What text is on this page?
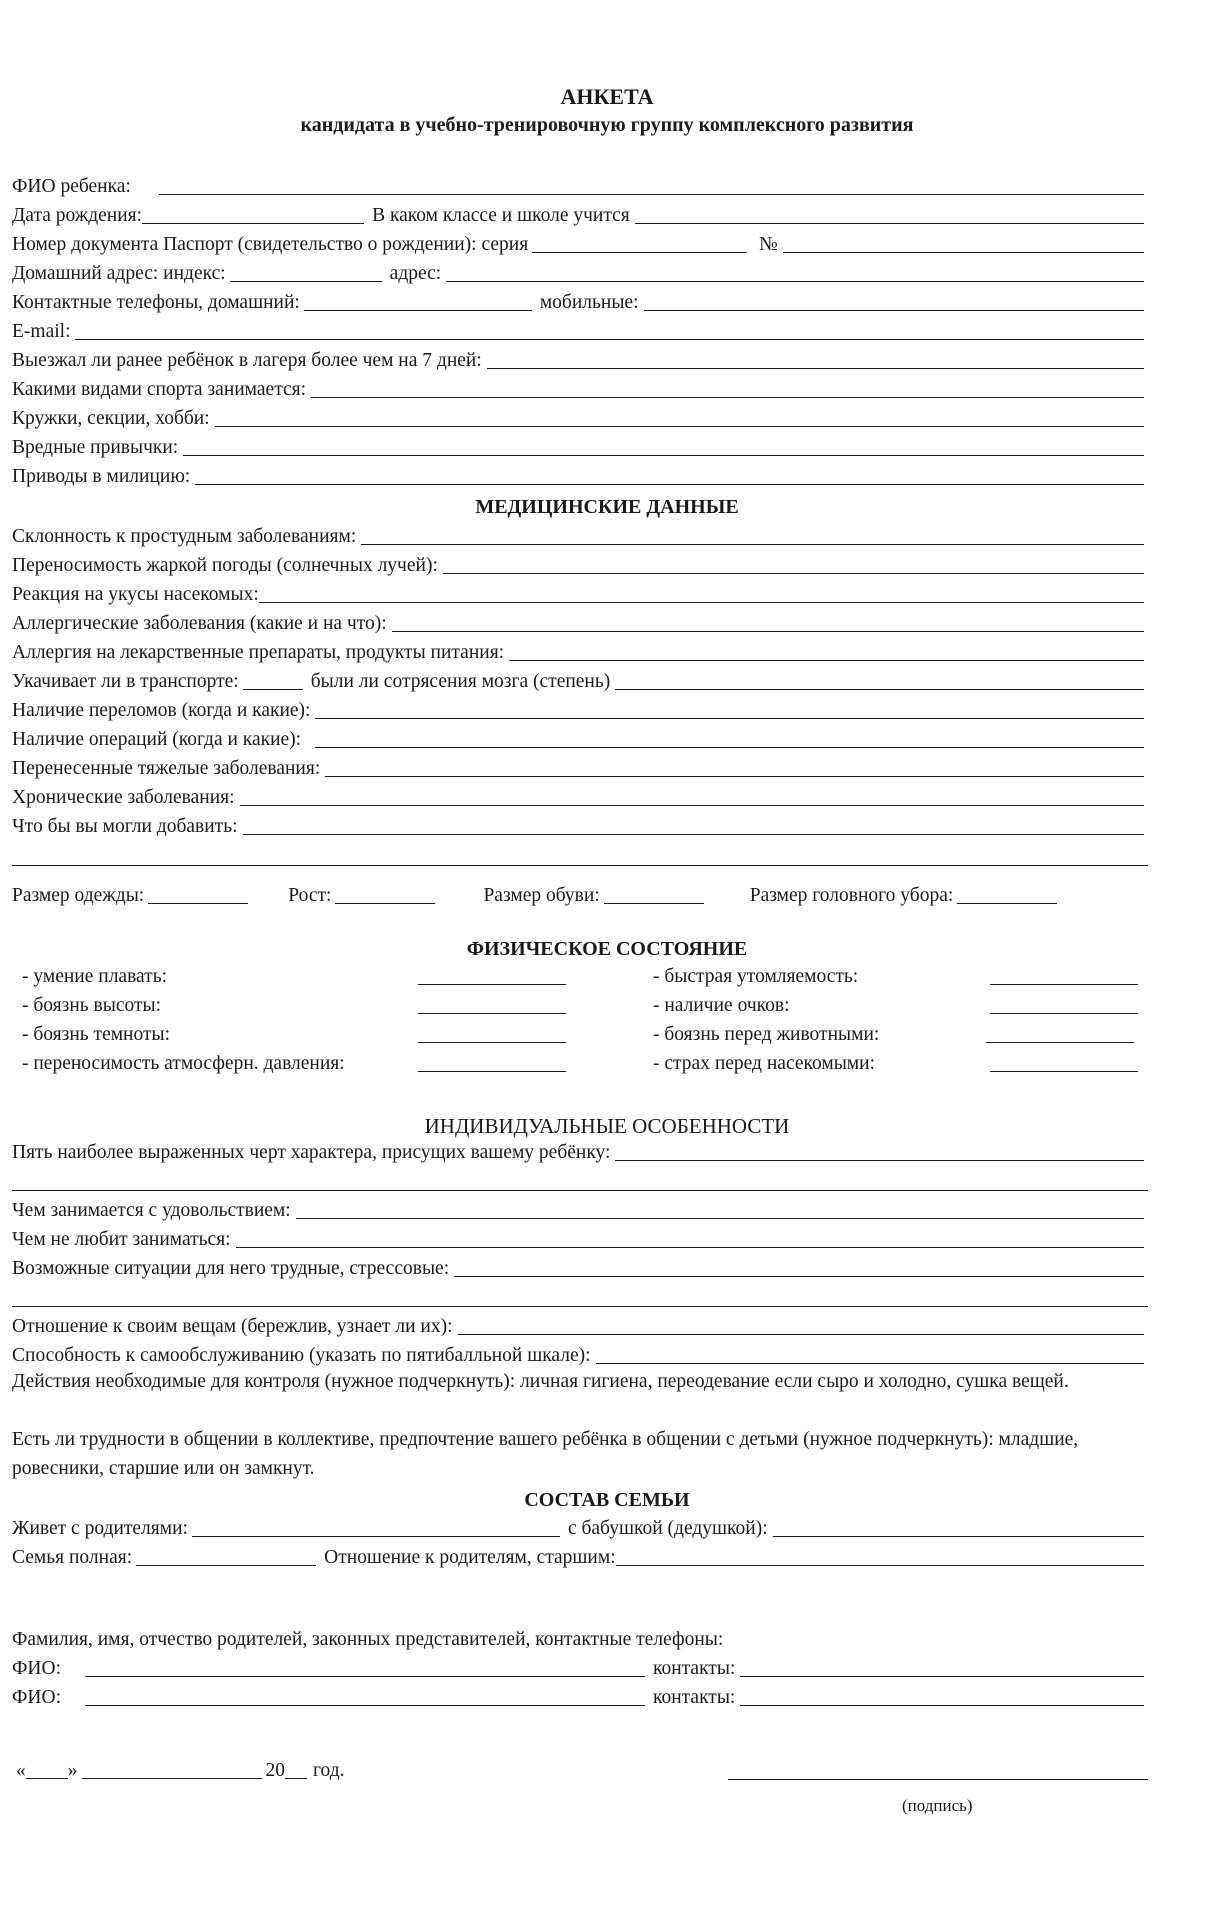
АНКЕТА
кандидата в учебно-тренировочную группу комплексного развития
ФИО ребенка:
Дата рождения:	В каком классе и школе учится
Номер документа Паспорт (свидетельство о рождении): серия	№
Домашний адрес: индекс:	адрес:
Контактные телефоны, домашний:	мобильные:
E-mail:
Выезжал ли ранее ребёнок в лагеря более чем на 7 дней:
Какими видами спорта занимается:
Кружки, секции, хобби:
Вредные привычки:
Приводы в милицию:
МЕДИЦИНСКИЕ ДАННЫЕ
Склонность к простудным заболеваниям:
Переносимость жаркой погоды (солнечных лучей):
Реакция на укусы насекомых:
Аллергические заболевания (какие и на что):
Аллергия на лекарственные препараты, продукты питания:
Укачивает ли в транспорте:	были ли сотрясения мозга (степень)
Наличие переломов (когда и какие):
Наличие операций (когда и какие):
Перенесенные тяжелые заболевания:
Хронические заболевания:
Что бы вы могли добавить:
Размер одежды:	Рост:	Размер обуви:	Размер головного убора:
ФИЗИЧЕСКОЕ СОСТОЯНИЕ
- умение плавать:	- быстрая утомляемость:
- боязнь высоты:	- наличие очков:
- боязнь темноты:	- боязнь перед животными:
- переносимость атмосферн. давления:	- страх перед насекомыми:
ИНДИВИДУАЛЬНЫЕ ОСОБЕННОСТИ
Пять наиболее выраженных черт характера, присущих вашему ребёнку:
Чем занимается с удовольствием:
Чем не любит заниматься:
Возможные ситуации для него трудные, стрессовые:
Отношение к своим вещам (бережлив, узнает ли их):
Способность к самообслуживанию (указать по пятибалльной шкале):
Действия необходимые для контроля (нужное подчеркнуть): личная гигиена, переодевание если сыро и холодно, сушка вещей.
Есть ли трудности в общении в коллективе, предпочтение вашего ребёнка в общении с детьми (нужное подчеркнуть): младшие, ровесники, старшие или он замкнут.
СОСТАВ СЕМЬИ
Живет с родителями:	с бабушкой (дедушкой):
Семья полная:	Отношение к родителям, старшим:
Фамилия, имя, отчество родителей, законных представителей, контактные телефоны:
ФИО:	контакты:
ФИО:	контакты:
« »	20 год.
(подпись)
